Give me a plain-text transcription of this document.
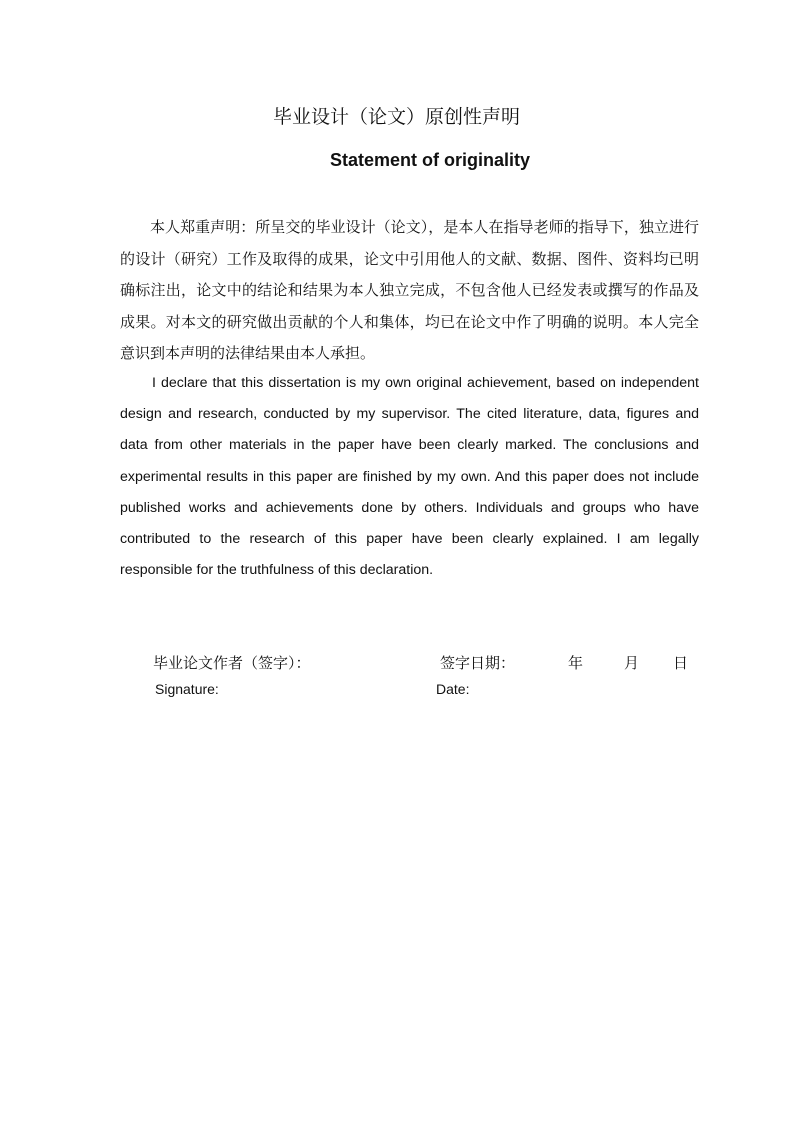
毕业设计（论文）原创性声明
Statement of originality

本人郑重声明：所呈交的毕业设计（论文），是本人在指导老师的指导下，独立进行的设计（研究）工作及取得的成果，论文中引用他人的文献、数据、图件、资料均已明确标注出，论文中的结论和结果为本人独立完成，不包含他人已经发表或撰写的作品及成果。对本文的研究做出贡献的个人和集体，均已在论文中作了明确的说明。本人完全意识到本声明的法律结果由本人承担。

I declare that this dissertation is my own original achievement, based on independent design and research, conducted by my supervisor. The cited literature, data, figures and data from other materials in the paper have been clearly marked. The conclusions and experimental results in this paper are finished by my own. And this paper does not include published works and achievements done by others. Individuals and groups who have contributed to the research of this paper have been clearly explained. I am legally responsible for the truthfulness of this declaration.

毕业论文作者（签字）：	签字日期：	年	月 日
Signature:	Date:
